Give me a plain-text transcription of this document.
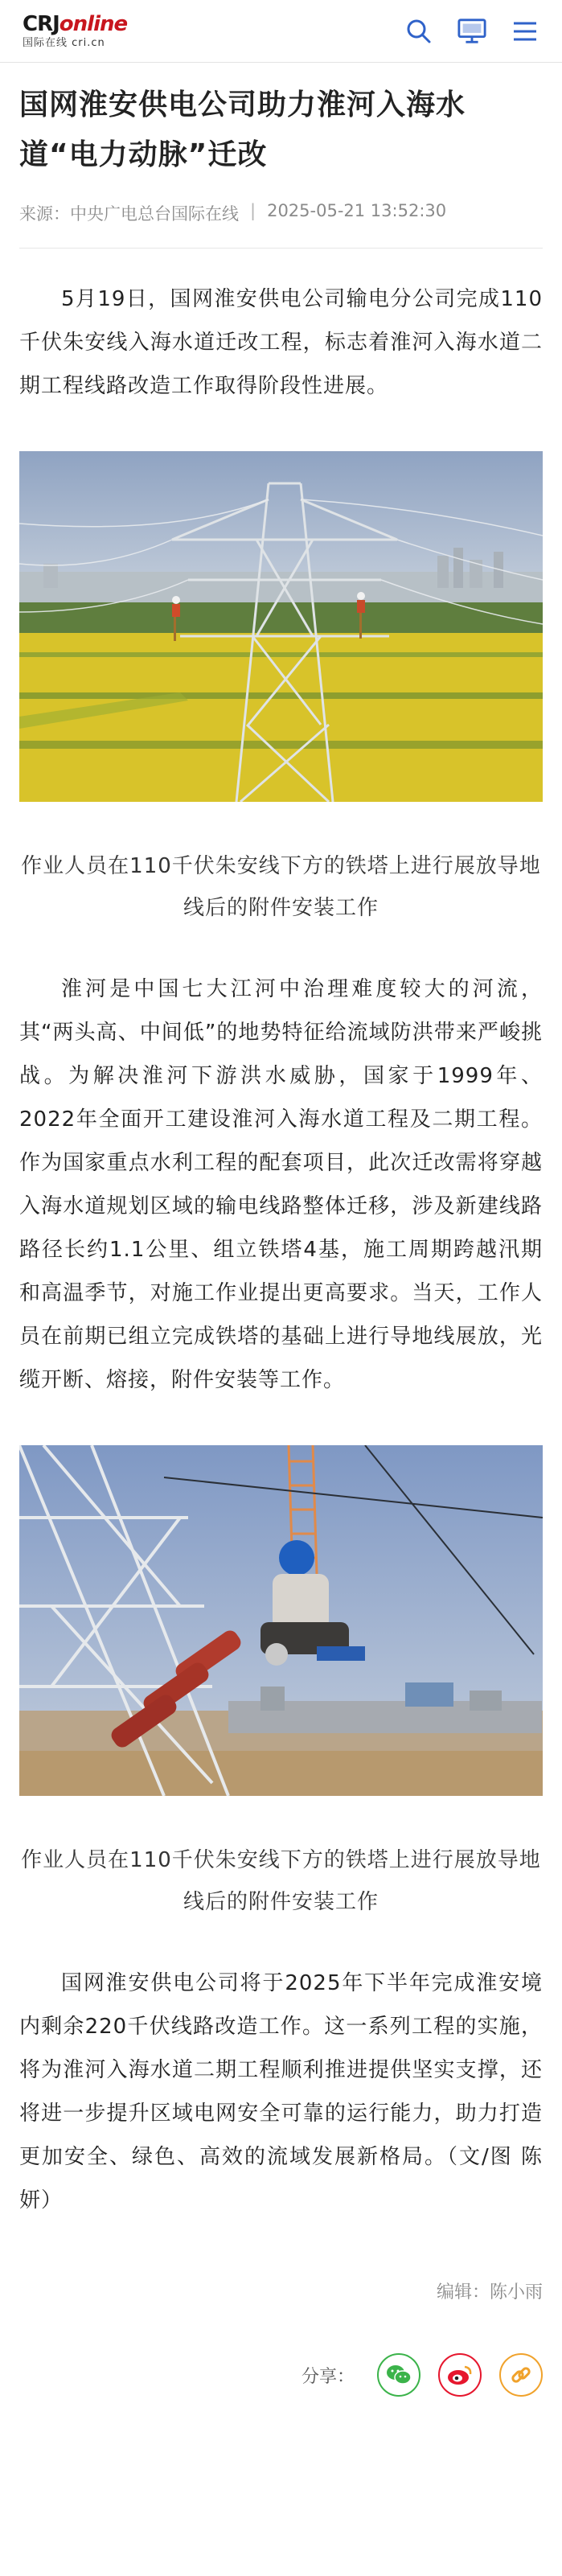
CRJonline
国际在线 cri.cn
国网淮安供电公司助力淮河入海水道“电力动脉”迁改
来源：中央广电总台国际在线 | 2025-05-21 13:52:30

5月19日，国网淮安供电公司输电分公司完成110千伏朱安线入海水道迁改工程，标志着淮河入海水道二期工程线路改造工作取得阶段性进展。

作业人员在110千伏朱安线下方的铁塔上进行展放导地线后的附件安装工作

淮河是中国七大江河中治理难度较大的河流，其“两头高、中间低”的地势特征给流域防洪带来严峻挑战。为解决淮河下游洪水威胁，国家于1999年、2022年全面开工建设淮河入海水道工程及二期工程。作为国家重点水利工程的配套项目，此次迁改需将穿越入海水道规划区域的输电线路整体迁移，涉及新建线路路径长约1.1公里、组立铁塔4基，施工周期跨越汛期和高温季节，对施工作业提出更高要求。当天，工作人员在前期已组立完成铁塔的基础上进行导地线展放，光缆开断、熔接，附件安装等工作。

作业人员在110千伏朱安线下方的铁塔上进行展放导地线后的附件安装工作

国网淮安供电公司将于2025年下半年完成淮安境内剩余220千伏线路改造工作。这一系列工程的实施，将为淮河入海水道二期工程顺利推进提供坚实支撑，还将进一步提升区域电网安全可靠的运行能力，助力打造更加安全、绿色、高效的流域发展新格局。（文/图 陈妍）

编辑：陈小雨
分享：
